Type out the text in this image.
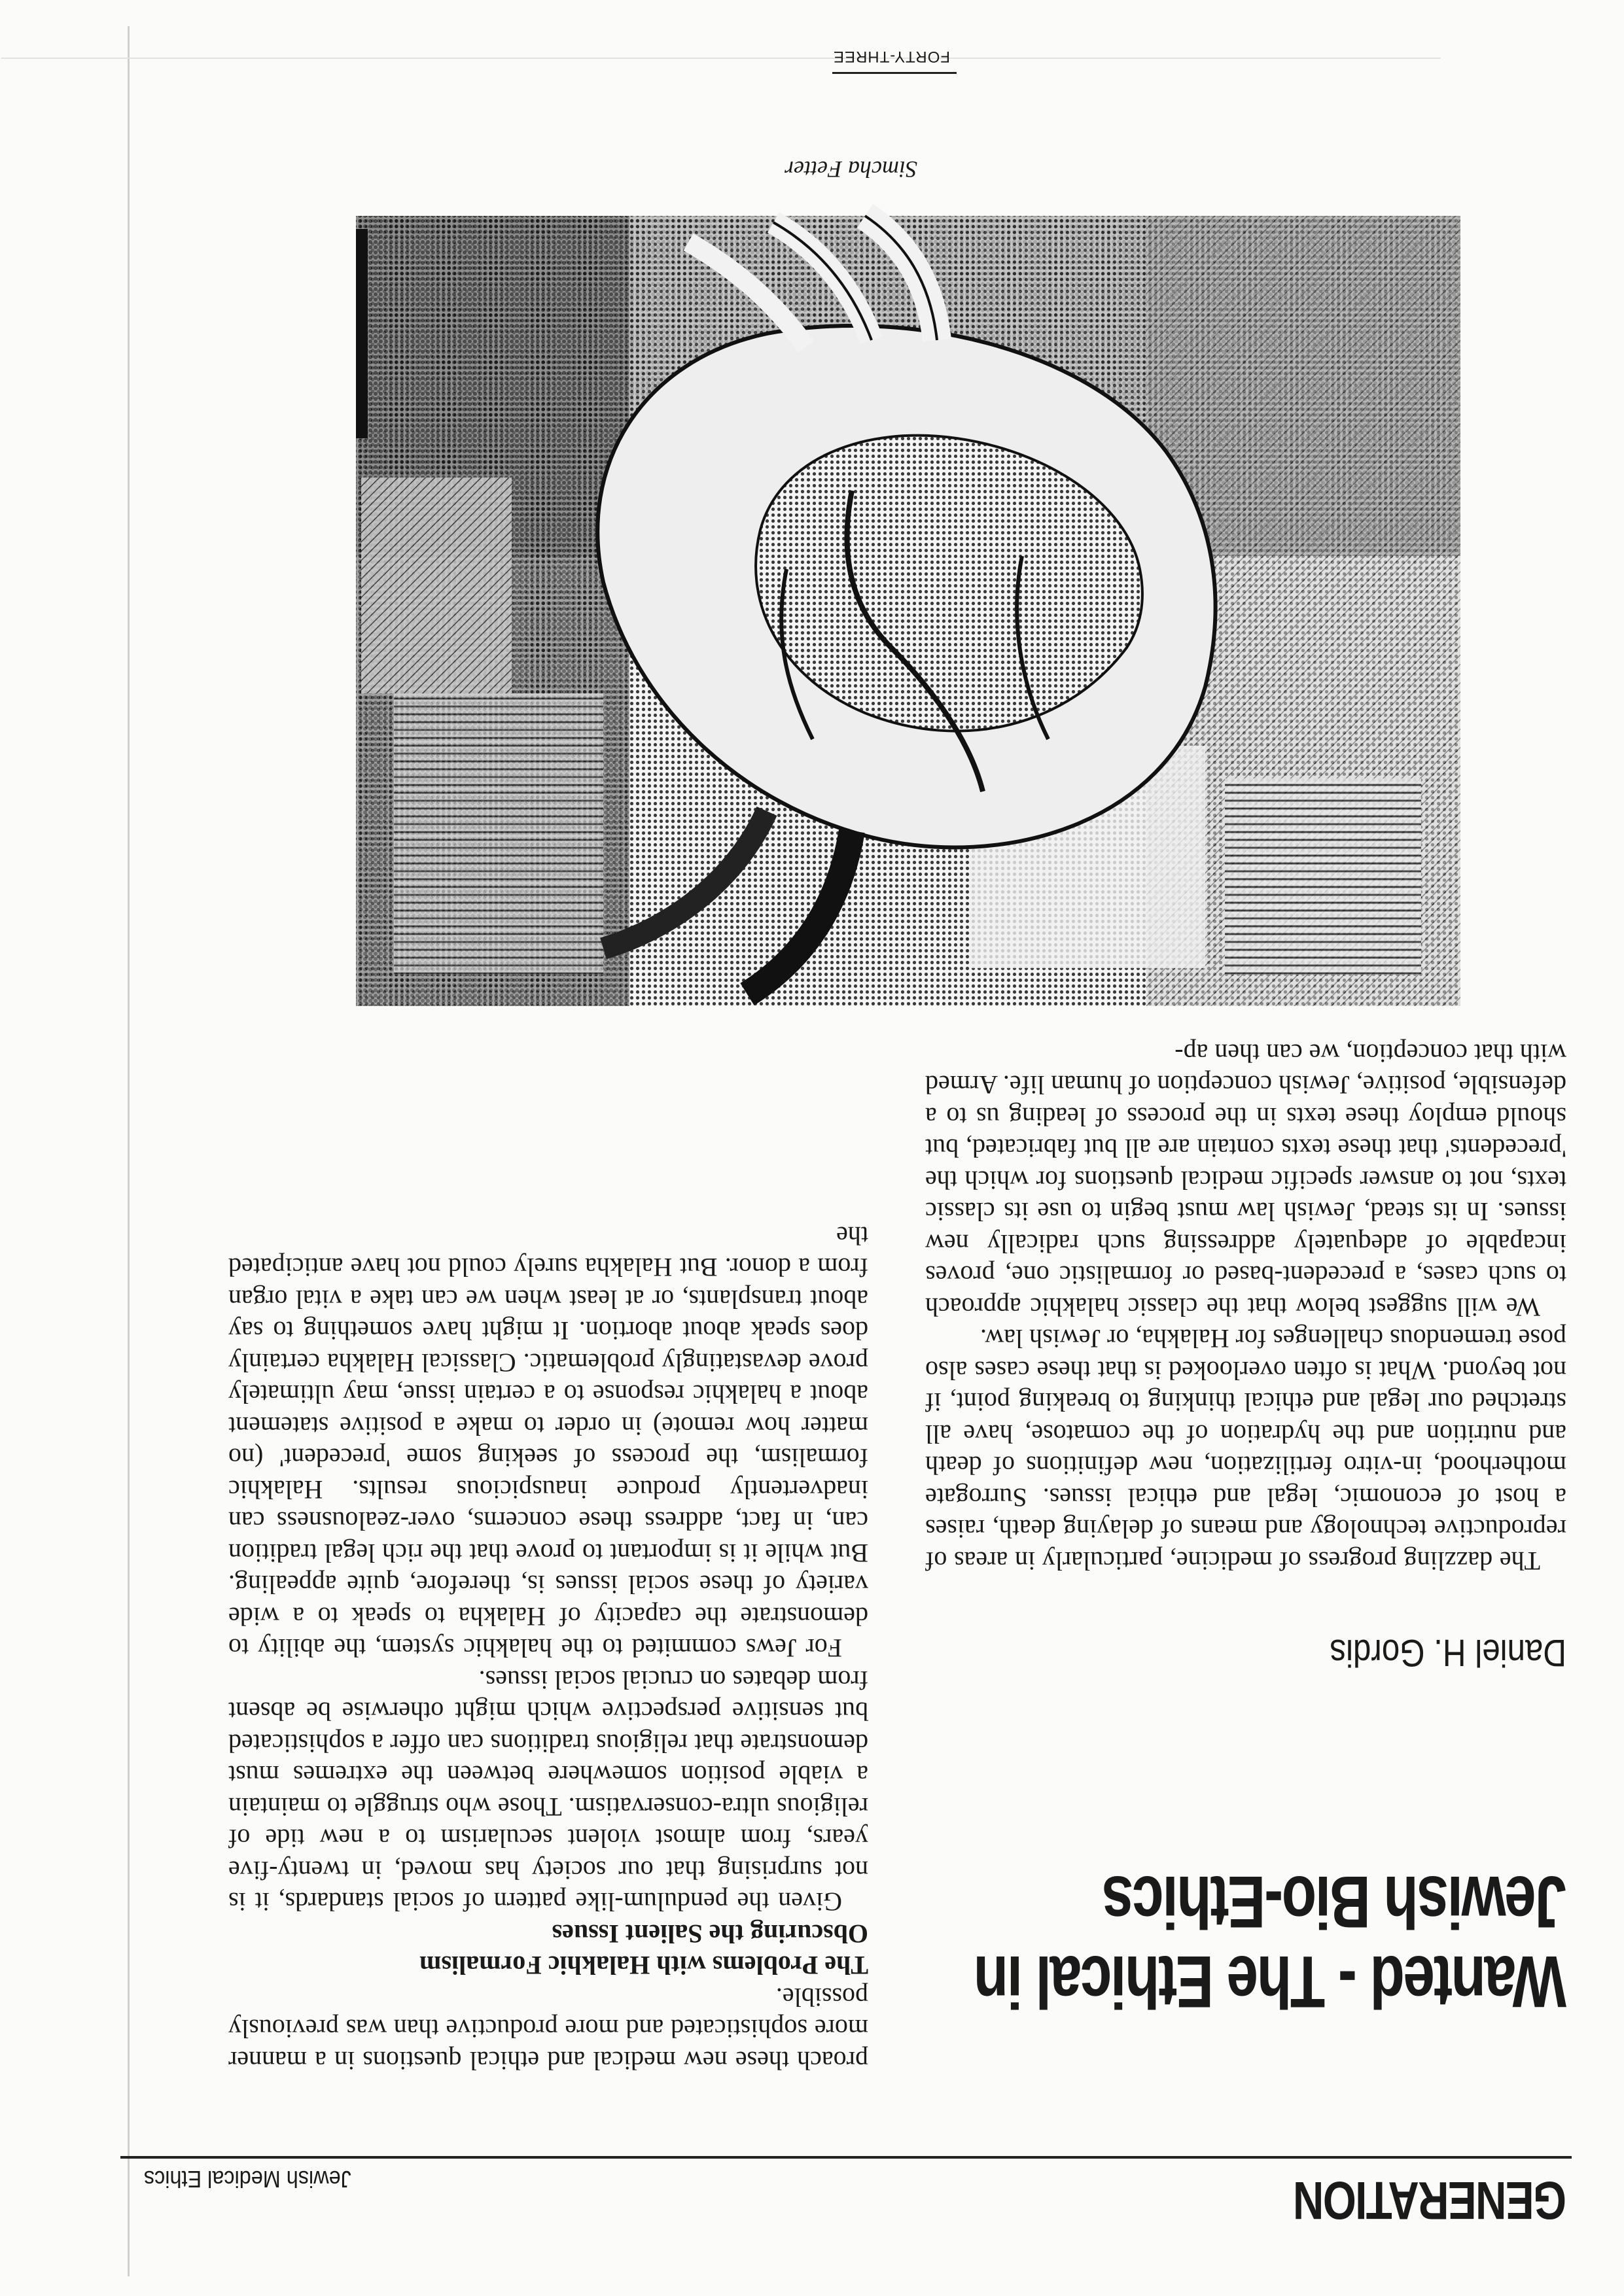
GENERATION
Jewish Medical Ethics
Wanted - The Ethical in
Jewish Bio-Ethics
Daniel H. Gordis

The dazzling progress of medicine, particularly in areas of reproductive technology and means of delaying death, raises a host of economic, legal and ethical issues. Surrogate motherhood, in-vitro fertilization, new definitions of death and nutrition and the hydration of the comatose, have all stretched our legal and ethical thinking to breaking point, if not beyond. What is often overlooked is that these cases also pose tremendous challenges for Halakha, or Jewish law.

We will suggest below that the classic halakhic approach to such cases, a precedent-based or formalistic one, proves incapable of adequately addressing such radically new issues. In its stead, Jewish law must begin to use its classic texts, not to answer specific medical questions for which the 'precedents' that these texts contain are all but fabricated, but should employ these texts in the process of leading us to a defensible, positive, Jewish conception of human life. Armed with that conception, we can then ap-

proach these new medical and ethical questions in a manner more sophisticated and more productive than was previously possible.

The Problems with Halakhic Formalism

Obscuring the Salient Issues

Given the pendulum-like pattern of social standards, it is not surprising that our society has moved, in twenty-five years, from almost violent secularism to a new tide of religious ultra-conservatism. Those who struggle to maintain a viable position somewhere between the extremes must demonstrate that religious traditions can offer a sophisticated but sensitive perspective which might otherwise be absent from debates on crucial social issues.

For Jews commited to the halakhic system, the ability to demonstrate the capacity of Halakha to speak to a wide variety of these social issues is, therefore, quite appealing. But while it is important to prove that the rich legal tradition can, in fact, address these concerns, over-zealousness can inadvertently produce inauspicious results. Halakhic formalism, the process of seeking some 'precedent' (no matter how remote) in order to make a positive statement about a halakhic response to a certain issue, may ultimately prove devastatingly problematic. Classical Halakha certainly does speak about abortion. It might have something to say about transplants, or at least when we can take a vital organ from a donor. But Halakha surely could not have anticipated the

Simcha Fetter
FORTY-THREE
